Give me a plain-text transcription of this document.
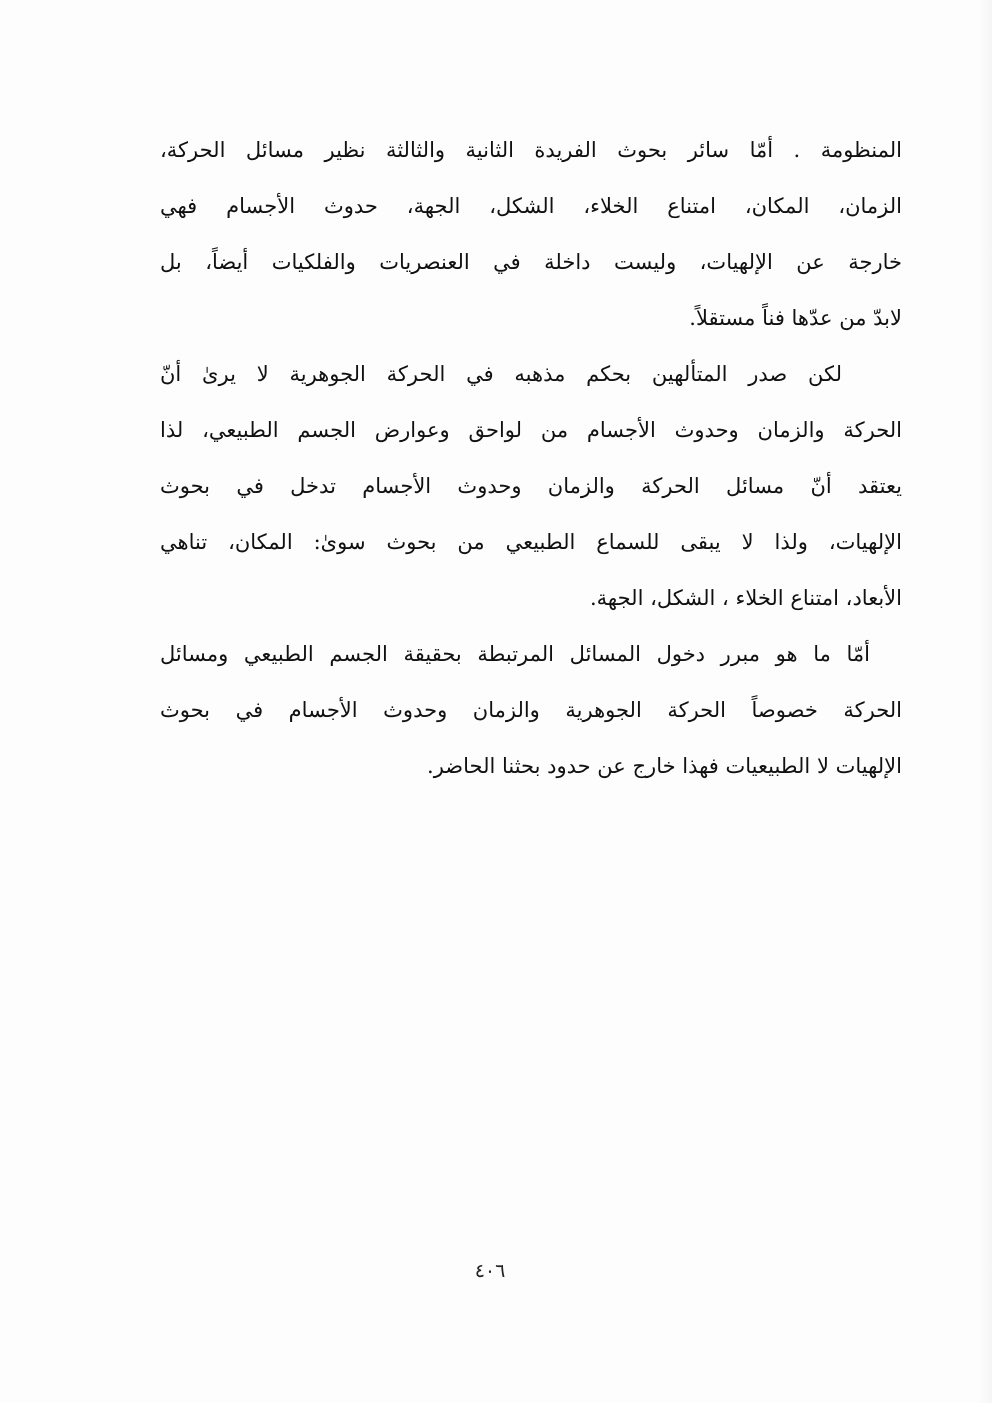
المنظومة . أمّا سائر بحوث الفريدة الثانية والثالثة نظير مسائل الحركة،
الزمان، المكان، امتناع الخلاء، الشكل، الجهة، حدوث الأجسام فهي
خارجة عن الإلهيات، وليست داخلة في العنصريات والفلكيات أيضاً، بل
لابدّ من عدّها فناً مستقلاً.
لكن صدر المتألهين بحكم مذهبه في الحركة الجوهرية لا يرىٰ أنّ
الحركة والزمان وحدوث الأجسام من لواحق وعوارض الجسم الطبيعي، لذا
يعتقد أنّ مسائل الحركة والزمان وحدوث الأجسام تدخل في بحوث
الإلهيات، ولذا لا يبقى للسماع الطبيعي من بحوث سوىٰ: المكان، تناهي
الأبعاد، امتناع الخلاء ، الشكل، الجهة.
أمّا ما هو مبرر دخول المسائل المرتبطة بحقيقة الجسم الطبيعي ومسائل
الحركة خصوصاً الحركة الجوهرية والزمان وحدوث الأجسام في بحوث
الإلهيات لا الطبيعيات فهذا خارج عن حدود بحثنا الحاضر.
٤٠٦
